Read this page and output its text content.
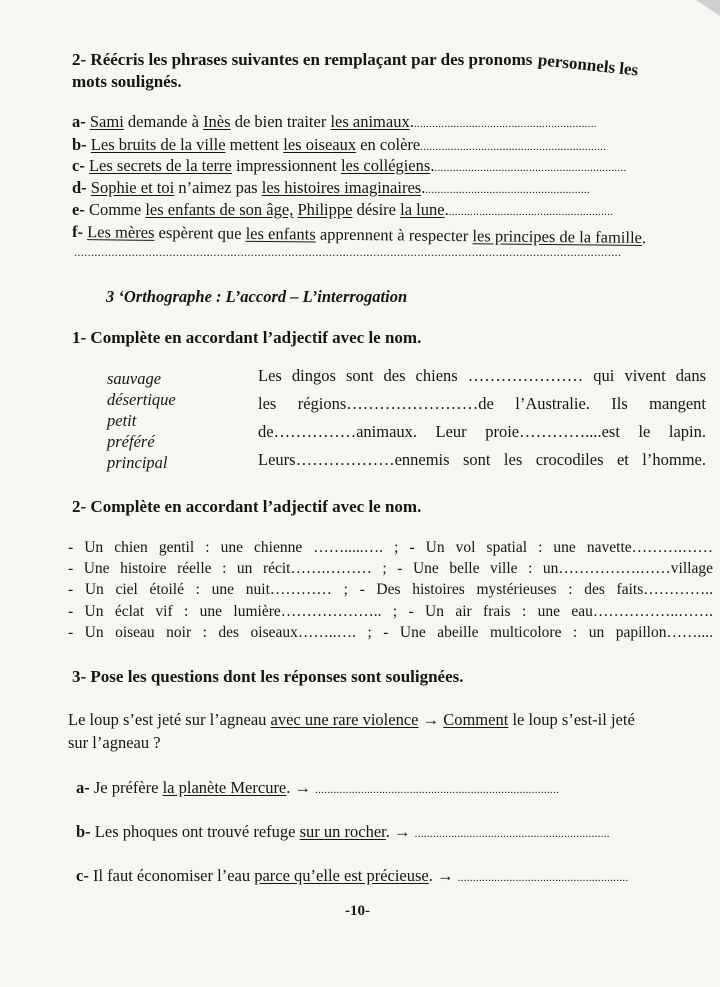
2- Réécris les phrases suivantes en remplaçant par des pronoms personnels les
mots soulignés.
a- Sami demande à Inès de bien traiter les animaux.............................................................
b- Les bruits de la ville mettent les oiseaux en colère.............................................................
c- Les secrets de la terre impressionnent les collégiens................................................................
d- Sophie et toi n’aimez pas les histoires imaginaires.......................................................
e- Comme les enfants de son âge, Philippe désire la lune.......................................................
f- Les mères espèrent que les enfants apprennent à respecter les principes de la famille.
.................................................................................................................................................................
3 ‘Orthographe : L’accord – L’interrogation
1- Complète en accordant l’adjectif avec le nom.
sauvage
désertique
petit
préféré
principal
Les dingos sont des chiens ………………… qui vivent dans
les régions……………………de l’Australie. Ils mangent
de……………animaux. Leur proie…………....est le lapin.
Leurs………………ennemis sont les crocodiles et l’homme.
2- Complète en accordant l’adjectif avec le nom.
- Un chien gentil : une chienne …….....…. ; - Un vol spatial : une navette……….……
- Une histoire réelle : un récit…….……… ; - Une belle ville : un…………….……village
- Un ciel étoilé : une nuit………… ; - Des histoires mystérieuses : des faits…………..
- Un éclat vif : une lumière……………….. ; - Un air frais : une eau……………..…….
- Un oiseau noir : des oiseaux……..…. ; - Une abeille multicolore : un papillon……....
3- Pose les questions dont les réponses sont soulignées.
Le loup s’est jeté sur l’agneau avec une rare violence → Comment le loup s’est-il jeté
sur l’agneau ?
a- Je préfère la planète Mercure. → ................................................................................
b- Les phoques ont trouvé refuge sur un rocher. → ................................................................
c- Il faut économiser l’eau parce qu’elle est précieuse. → ........................................................
-10-
